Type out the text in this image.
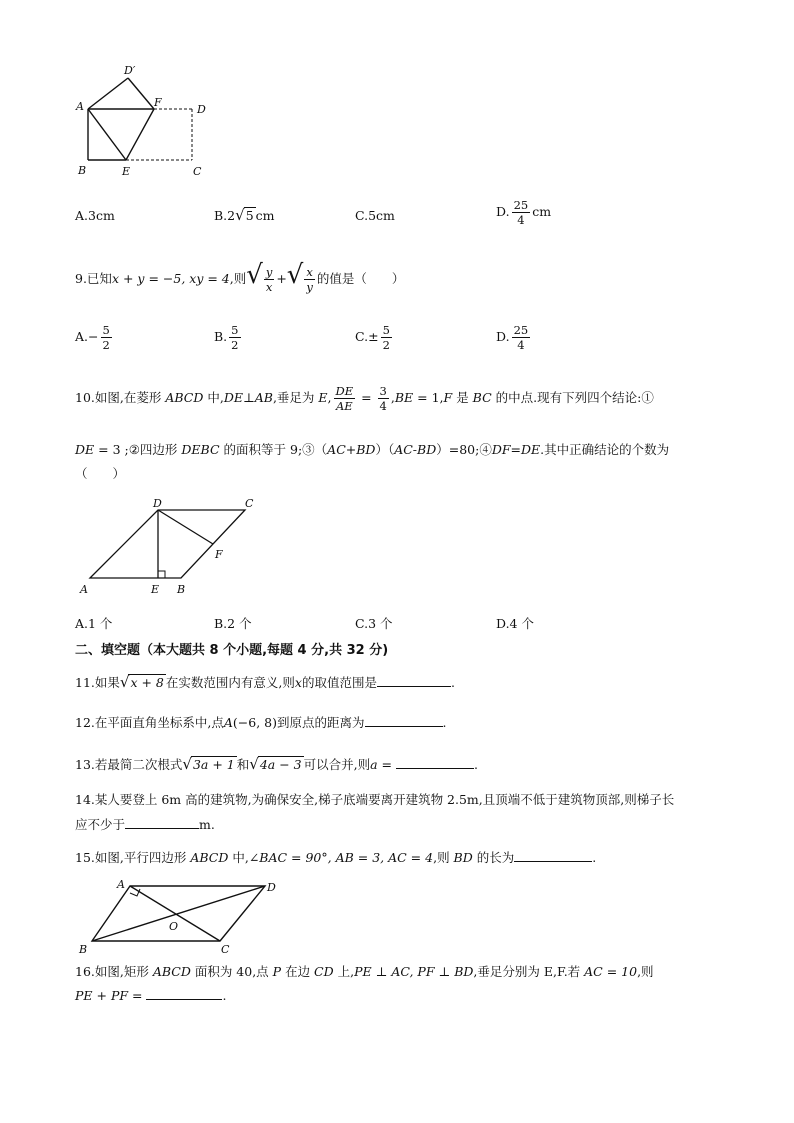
D′
A	F
D
B	E	C
A.3cm	B.2√5 cm	C.5cm	D. $\frac{25}{4}$ cm
9.已知x + y = −5, xy = 4,则√ $\frac{y}{x}$ +√ $\frac{x}{y}$ 的值是（　　）
$A.- \frac{5}{2}$	B. $\frac{5}{2}$	$C.\pm \frac{5}{2}$	D. $\frac{25}{4}$
10.如图,在菱形 ABCD 中,DE⊥AB,垂足为 E, $\frac{DE}{AE} = \frac{3}{4} ,BE = 1,F$ 是 BC 的中点.现有下列四个结论:①
DE = 3 ;②四边形 DEBC 的面积等于 9;③（AC+BD）（AC-BD）=80;④DF=DE.其中正确结论的个数为
（　　）
D	C
F
A	E B
A.1 个	B.2 个	C.3 个	D.4 个
二、填空题（本大题共 8 个小题,每题 4 分,共 32 分)
11.如果√x + 8 在实数范围内有意义,则x的取值范围是	.
12.在平面直角坐标系中,点A(−6, 8)到原点的距离为	.
13.若最简二次根式√3a + 1 和√4a − 3 可以合并,则a =	.
14.某人要登上 6m 高的建筑物,为确保安全,梯子底端要离开建筑物 2.5m,且顶端不低于建筑物顶部,则梯子长
应不少于	m.
15.如图,平行四边形 ABCD 中,∠BAC = 90°, AB = 3, AC = 4,则 BD 的长为	.
A	D
O
B	C
16.如图,矩形 ABCD 面积为 40,点 P 在边 CD 上,PE ⊥ AC, PF ⊥ BD,垂足分别为 E,F.若 AC = 10,则
PE + PF =	.
